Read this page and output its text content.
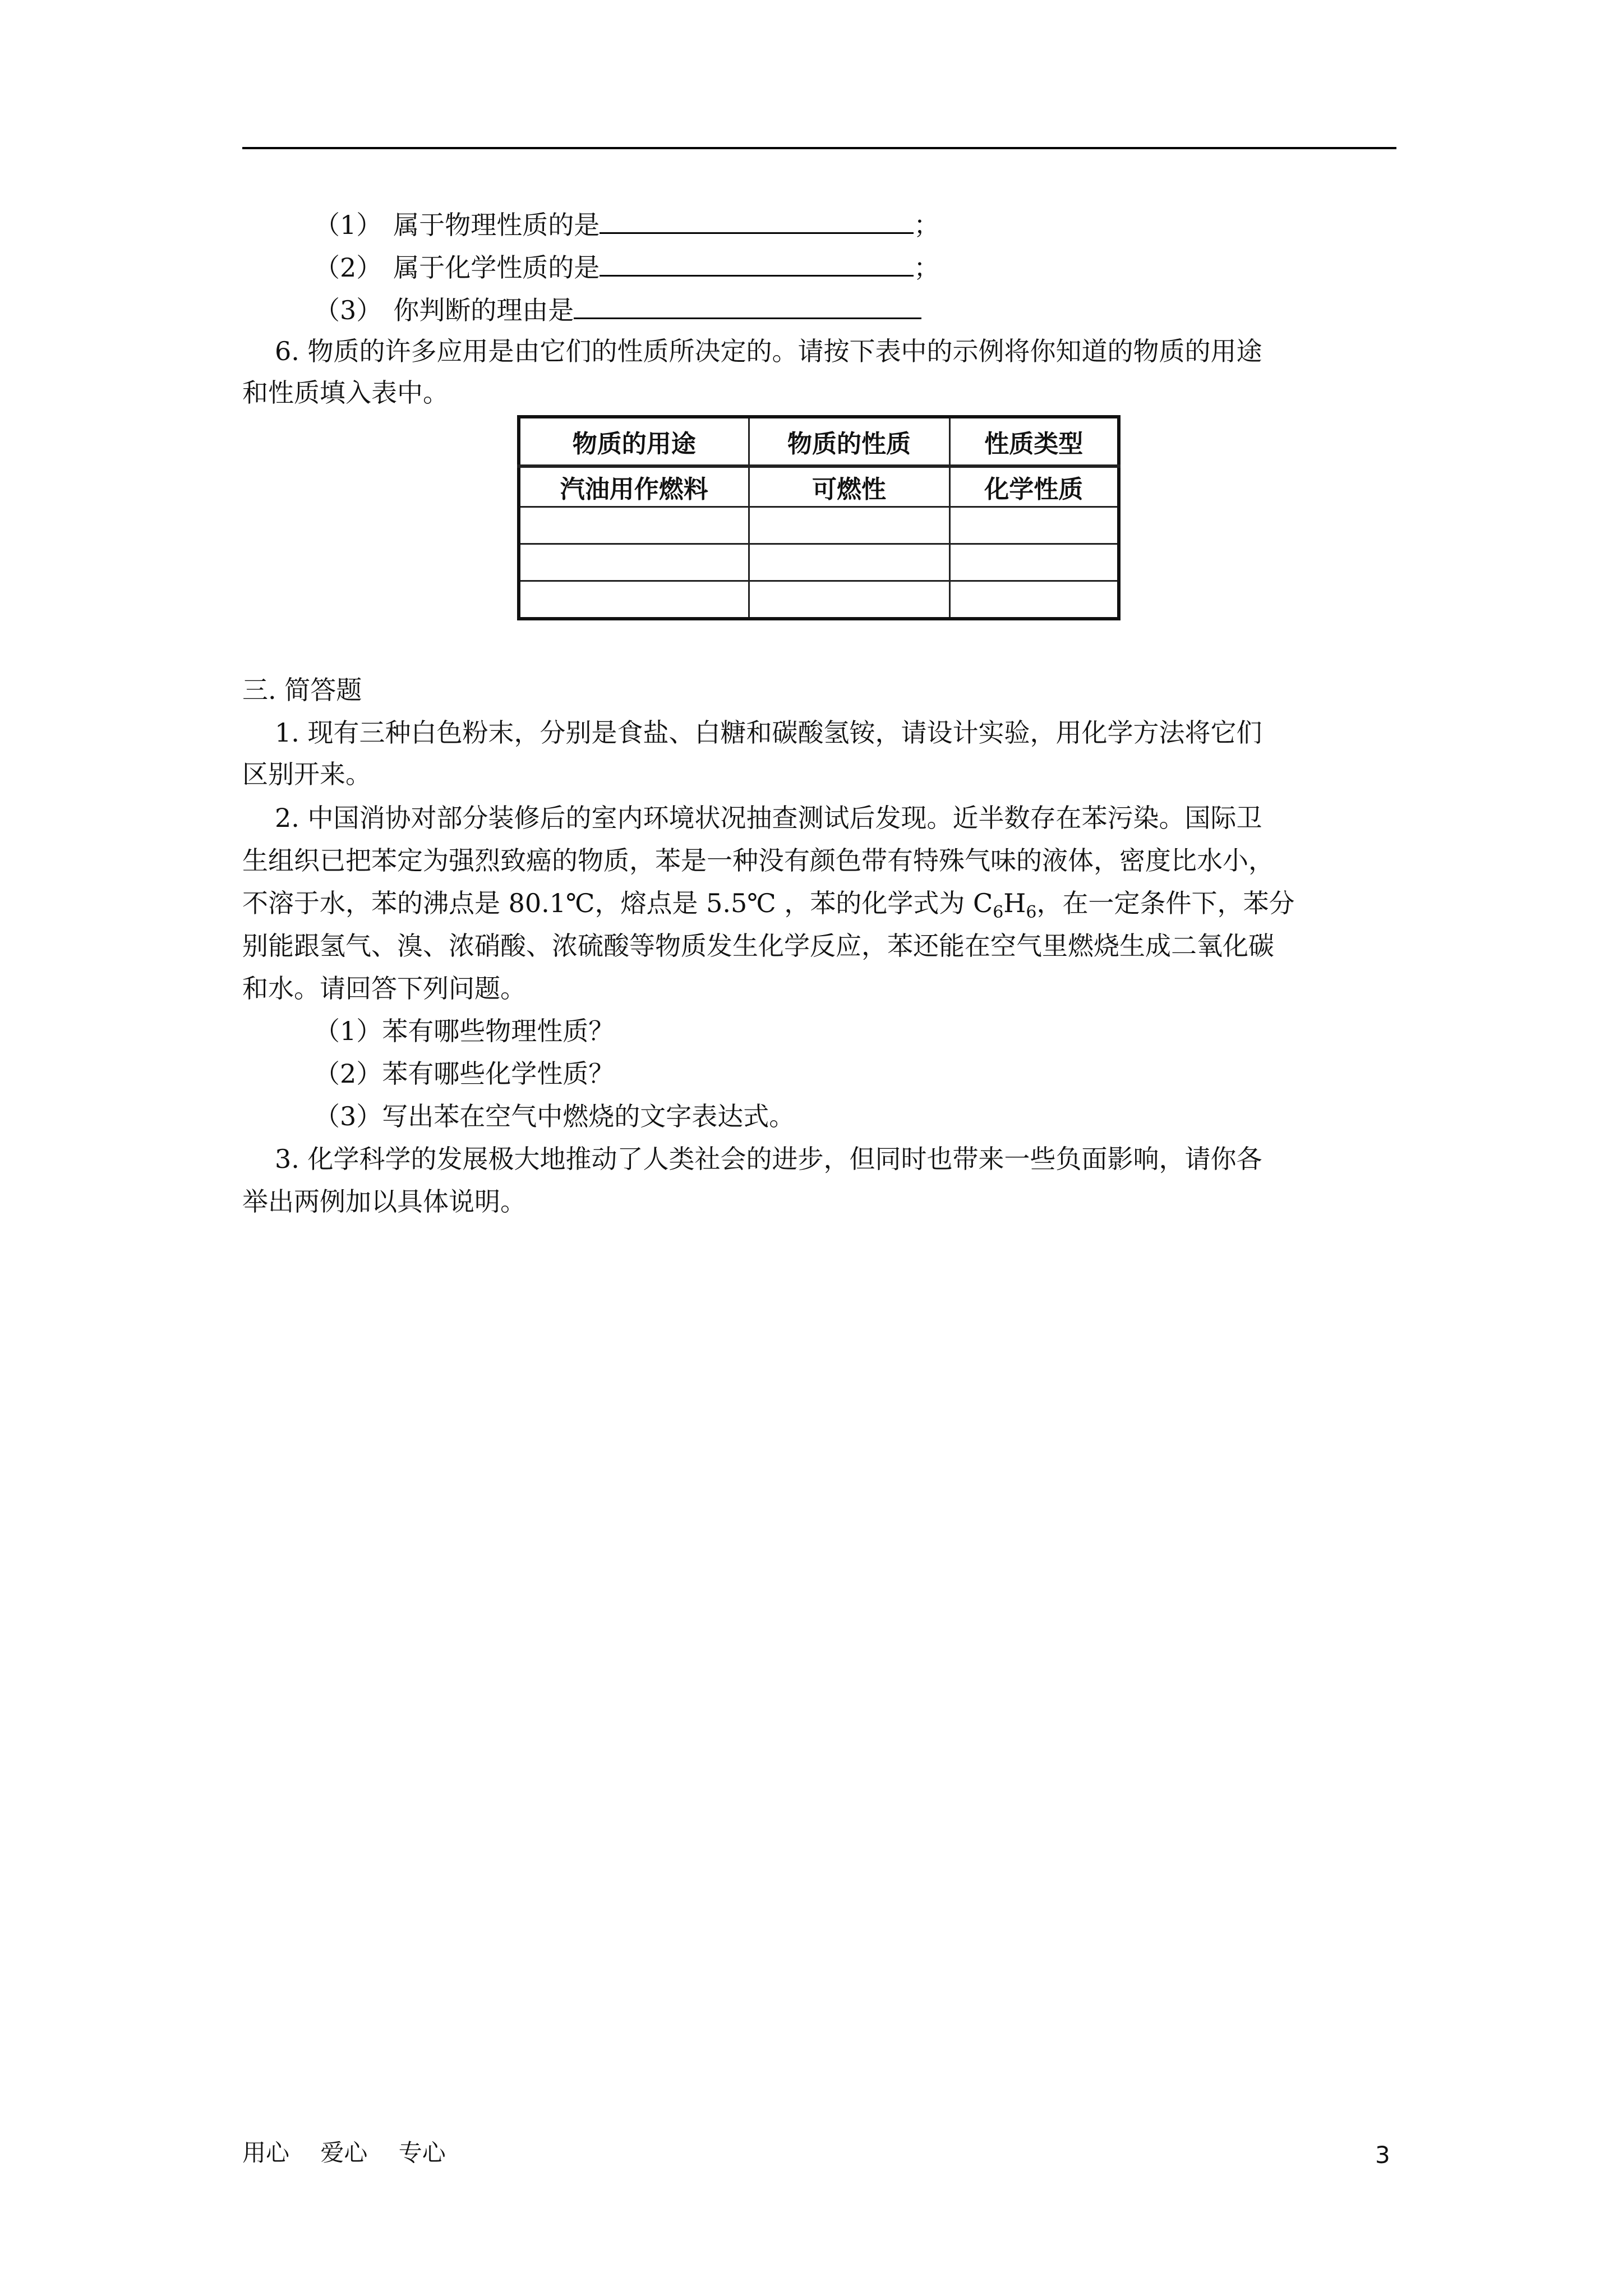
（1） 属于物理性质的是	；
（2） 属于化学性质的是	；
（3） 你判断的理由是
6. 物质的许多应用是由它们的性质所决定的。请按下表中的示例将你知道的物质的用途
和性质填入表中。
物质的用途	物质的性质	性质类型
汽油用作燃料	可燃性	化学性质

三. 简答题
1. 现有三种白色粉末，分别是食盐、白糖和碳酸氢铵，请设计实验，用化学方法将它们
区别开来。
2. 中国消协对部分装修后的室内环境状况抽查测试后发现。近半数存在苯污染。国际卫
生组织已把苯定为强烈致癌的物质，苯是一种没有颜色带有特殊气味的液体，密度比水小，
不溶于水，苯的沸点是 80.1℃，熔点是 5.5℃ ，苯的化学式为 $C_6H_6$，在一定条件下，苯分
别能跟氢气、溴、浓硝酸、浓硫酸等物质发生化学反应，苯还能在空气里燃烧生成二氧化碳
和水。请回答下列问题。
（1）苯有哪些物理性质？
（2）苯有哪些化学性质？
（3）写出苯在空气中燃烧的文字表达式。
3. 化学科学的发展极大地推动了人类社会的进步，但同时也带来一些负面影响，请你各
举出两例加以具体说明。
用心 　爱心 　专心	3
